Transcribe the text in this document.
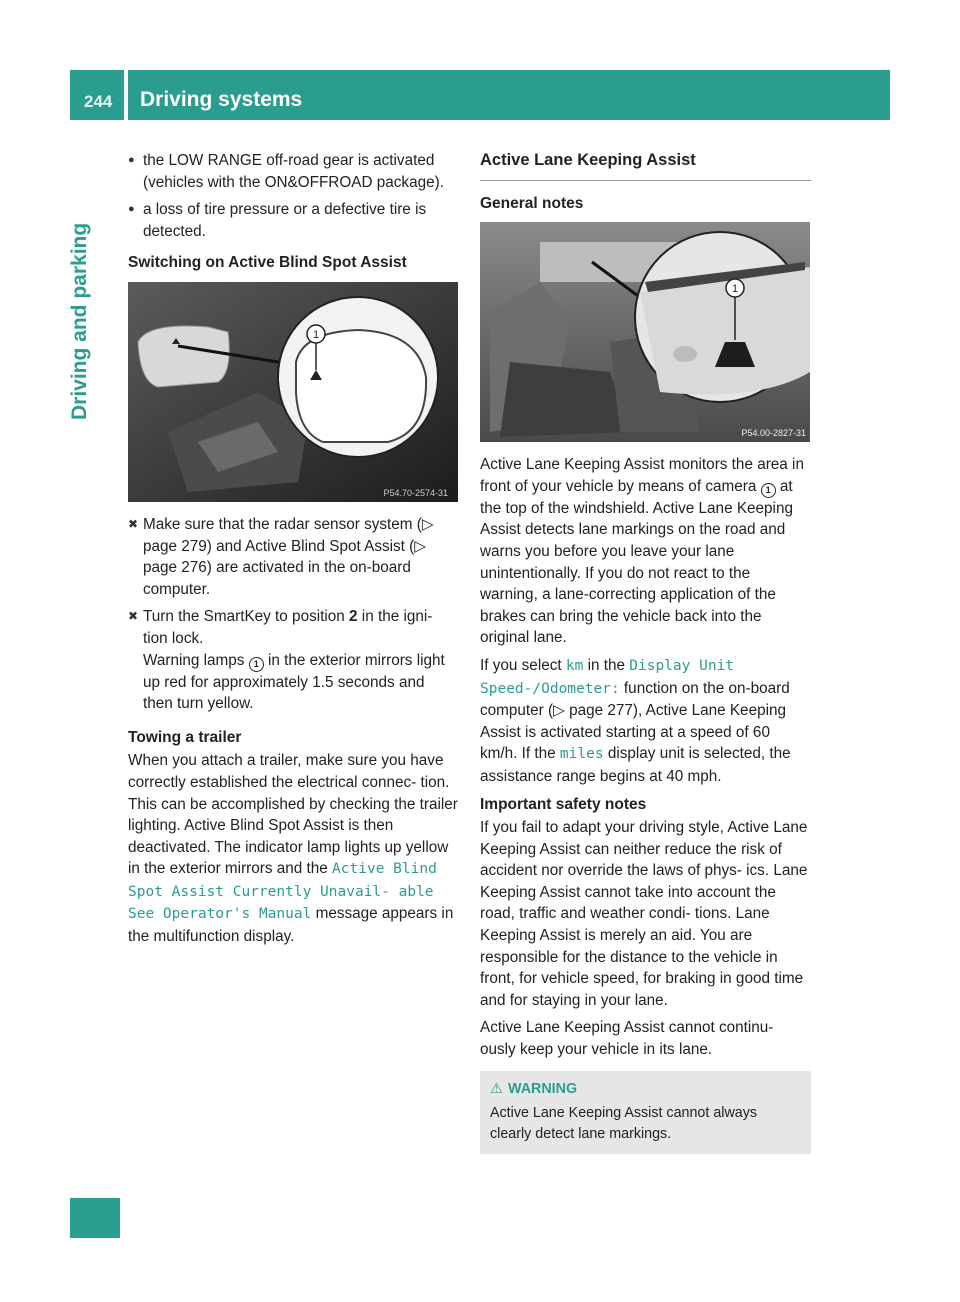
244 Driving systems
Driving and parking
● the LOW RANGE off-road gear is activated (vehicles with the ON&OFFROAD package).
● a loss of tire pressure or a defective tire is detected.
Switching on Active Blind Spot Assist
1
P54.70-2574-31
✖ Make sure that the radar sensor system (▷ page 279) and Active Blind Spot Assist (▷ page 276) are activated in the on-board computer.
✖ Turn the SmartKey to position 2 in the igni- tion lock.
Warning lamps 1 in the exterior mirrors light up red for approximately 1.5 seconds and then turn yellow.
Towing a trailer

When you attach a trailer, make sure you have correctly established the electrical connec- tion. This can be accomplished by checking the trailer lighting. Active Blind Spot Assist is then deactivated. The indicator lamp lights up yellow in the exterior mirrors and the Active Blind Spot Assist Currently Unavail‐ able See Operator's Manual message appears in the multifunction display.

Active Lane Keeping Assist
General notes
1
P54.00-2827-31

Active Lane Keeping Assist monitors the area in front of your vehicle by means of camera 1 at the top of the windshield. Active Lane Keeping Assist detects lane markings on the road and warns you before you leave your lane unintentionally. If you do not react to the warning, a lane-correcting application of the brakes can bring the vehicle back into the original lane.

If you select km in the Display Unit Speed-/Odometer: function on the on-board computer (▷ page 277), Active Lane Keeping Assist is activated starting at a speed of 60 km/h. If the miles display unit is selected, the assistance range begins at 40 mph.

Important safety notes

If you fail to adapt your driving style, Active Lane Keeping Assist can neither reduce the risk of accident nor override the laws of phys- ics. Lane Keeping Assist cannot take into account the road, traffic and weather condi- tions. Lane Keeping Assist is merely an aid. You are responsible for the distance to the vehicle in front, for vehicle speed, for braking in good time and for staying in your lane.

Active Lane Keeping Assist cannot continu- ously keep your vehicle in its lane.

⚠ WARNING
Active Lane Keeping Assist cannot always clearly detect lane markings.
